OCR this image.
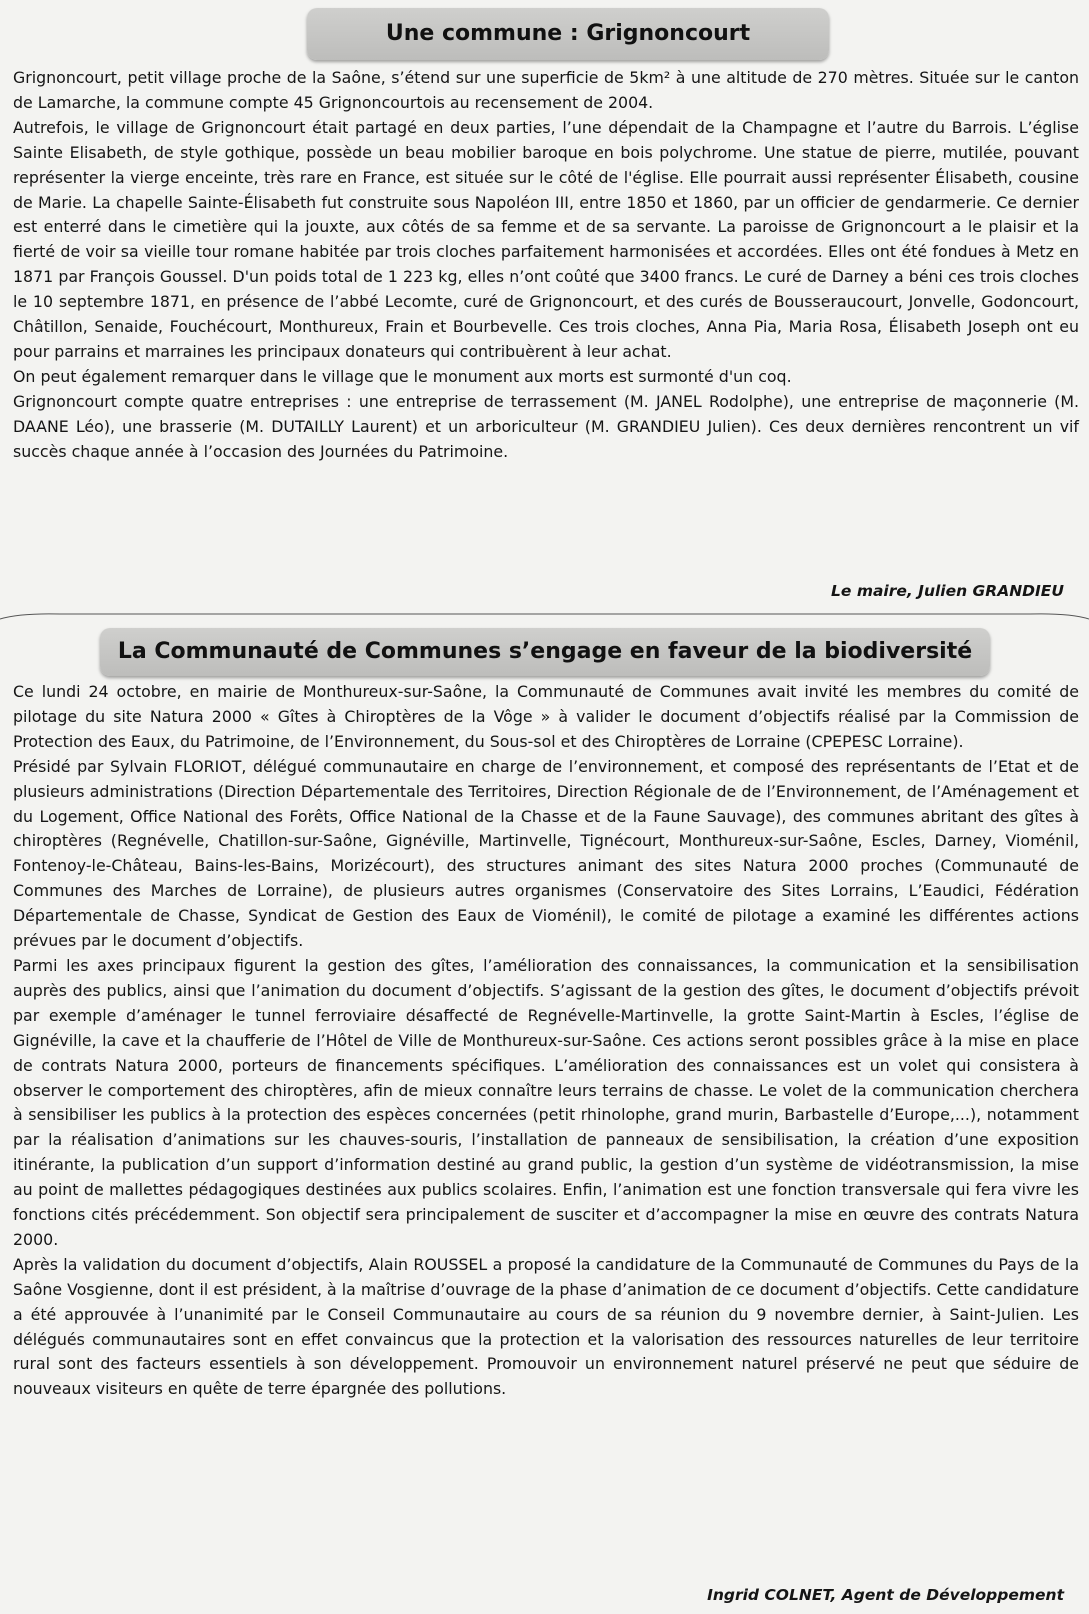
Une commune : Grignoncourt

Grignoncourt, petit village proche de la Saône, s’étend sur une superficie de 5km² à une altitude de 270 mètres. Située sur le canton de Lamarche, la commune compte 45 Grignoncourtois au recensement de 2004.

Autrefois, le village de Grignoncourt était partagé en deux parties, l’une dépendait de la Champagne et l’autre du Barrois. L’église Sainte Elisabeth, de style gothique, possède un beau mobilier baroque en bois polychrome. Une statue de pierre, mutilée, pouvant représenter la vierge enceinte, très rare en France, est située sur le côté de l'église. Elle pourrait aussi représenter Élisabeth, cousine de Marie. La chapelle Sainte-Élisabeth fut construite sous Napoléon III, entre 1850 et 1860, par un officier de gendarmerie. Ce dernier est enterré dans le cimetière qui la jouxte, aux côtés de sa femme et de sa servante. La paroisse de Grignoncourt a le plaisir et la fierté de voir sa vieille tour romane habitée par trois cloches parfaitement harmonisées et accordées. Elles ont été fondues à Metz en 1871 par François Goussel. D'un poids total de 1 223 kg, elles n’ont coûté que 3400 francs. Le curé de Darney a béni ces trois cloches le 10 septembre 1871, en présence de l’abbé Lecomte, curé de Grignoncourt, et des curés de Bousseraucourt, Jonvelle, Godoncourt, Châtillon, Senaide, Fouchécourt, Monthureux, Frain et Bourbevelle. Ces trois cloches, Anna Pia, Maria Rosa, Élisabeth Joseph ont eu pour parrains et marraines les principaux donateurs qui contribuèrent à leur achat.

On peut également remarquer dans le village que le monument aux morts est surmonté d'un coq.

Grignoncourt compte quatre entreprises : une entreprise de terrassement (M. JANEL Rodolphe), une entreprise de maçonnerie (M. DAANE Léo), une brasserie (M. DUTAILLY Laurent) et un arboriculteur (M. GRANDIEU Julien). Ces deux dernières rencontrent un vif succès chaque année à l’occasion des Journées du Patrimoine.

Le maire, Julien GRANDIEU
La Communauté de Communes s’engage en faveur de la biodiversité

Ce lundi 24 octobre, en mairie de Monthureux-sur-Saône, la Communauté de Communes avait invité les membres du comité de pilotage du site Natura 2000 « Gîtes à Chiroptères de la Vôge » à valider le document d’objectifs réalisé par la Commission de Protection des Eaux, du Patrimoine, de l’Environnement, du Sous-sol et des Chiroptères de Lorraine (CPEPESC Lorraine).

Présidé par Sylvain FLORIOT, délégué communautaire en charge de l’environnement, et composé des représentants de l’Etat et de plusieurs administrations (Direction Départementale des Territoires, Direction Régionale de de l’Environnement, de l’Aménagement et du Logement, Office National des Forêts, Office National de la Chasse et de la Faune Sauvage), des communes abritant des gîtes à chiroptères (Regnévelle, Chatillon-sur-Saône, Gignéville, Martinvelle, Tignécourt, Monthureux-sur-Saône, Escles, Darney, Vioménil, Fontenoy-le-Château, Bains-les-Bains, Morizécourt), des structures animant des sites Natura 2000 proches (Communauté de Communes des Marches de Lorraine), de plusieurs autres organismes (Conservatoire des Sites Lorrains, L’Eaudici, Fédération Départementale de Chasse, Syndicat de Gestion des Eaux de Vioménil), le comité de pilotage a examiné les différentes actions prévues par le document d’objectifs.

Parmi les axes principaux figurent la gestion des gîtes, l’amélioration des connaissances, la communication et la sensibilisation auprès des publics, ainsi que l’animation du document d’objectifs. S’agissant de la gestion des gîtes, le document d’objectifs prévoit par exemple d’aménager le tunnel ferroviaire désaffecté de Regnévelle-Martinvelle, la grotte Saint-Martin à Escles, l’église de Gignéville, la cave et la chaufferie de l’Hôtel de Ville de Monthureux-sur-Saône. Ces actions seront possibles grâce à la mise en place de contrats Natura 2000, porteurs de financements spécifiques. L’amélioration des connaissances est un volet qui consistera à observer le comportement des chiroptères, afin de mieux connaître leurs terrains de chasse. Le volet de la communication cherchera à sensibiliser les publics à la protection des espèces concernées (petit rhinolophe, grand murin, Barbastelle d’Europe,...), notamment par la réalisation d’animations sur les chauves-souris, l’installation de panneaux de sensibilisation, la création d’une exposition itinérante, la publication d’un support d’information destiné au grand public, la gestion d’un système de vidéotransmission, la mise au point de mallettes pédagogiques destinées aux publics scolaires. Enfin, l’animation est une fonction transversale qui fera vivre les fonctions cités précédemment. Son objectif sera principalement de susciter et d’accompagner la mise en œuvre des contrats Natura 2000.

Après la validation du document d’objectifs, Alain ROUSSEL a proposé la candidature de la Communauté de Communes du Pays de la Saône Vosgienne, dont il est président, à la maîtrise d’ouvrage de la phase d’animation de ce document d’objectifs. Cette candidature a été approuvée à l’unanimité par le Conseil Communautaire au cours de sa réunion du 9 novembre dernier, à Saint-Julien. Les délégués communautaires sont en effet convaincus que la protection et la valorisation des ressources naturelles de leur territoire rural sont des facteurs essentiels à son développement. Promouvoir un environnement naturel préservé ne peut que séduire de nouveaux visiteurs en quête de terre épargnée des pollutions.

Ingrid COLNET, Agent de Développement
